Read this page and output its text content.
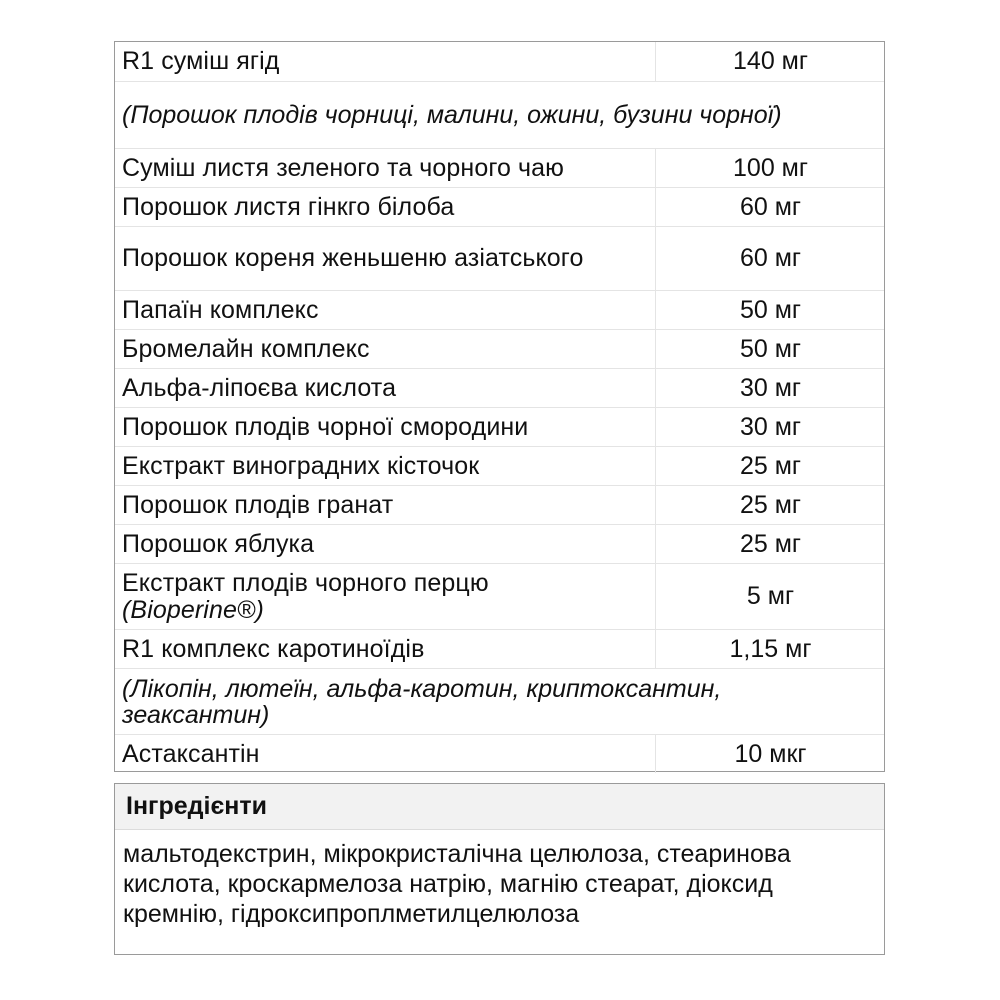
R1 суміш ягід	140 мг
(Порошок плодів чорниці, малини, ожини, бузини чорної)
Суміш листя зеленого та чорного чаю	100 мг
Порошок листя гінкго білоба	60 мг
Порошок кореня женьшеню азіатського	60 мг
Папаїн комплекс	50 мг
Бромелайн комплекс	50 мг
Альфа-ліпоєва кислота	30 мг
Порошок плодів чорної смородини	30 мг
Екстракт виноградних кісточок	25 мг
Порошок плодів гранат	25 мг
Порошок яблука	25 мг
Екстракт плодів чорного перцю
(Bioperine®)	5 мг
R1 комплекс каротиноїдів	1,15 мг
(Лікопін, лютеїн, альфа-каротин, криптоксантин, зеаксантин)
Астаксантін	10 мкг
Інгредієнти
мальтодекстрин, мікрокристалічна целюлоза, стеаринова кислота, кроскармелоза натрію, магнію стеарат, діоксид кремнію, гідроксипроплметилцелюлоза
